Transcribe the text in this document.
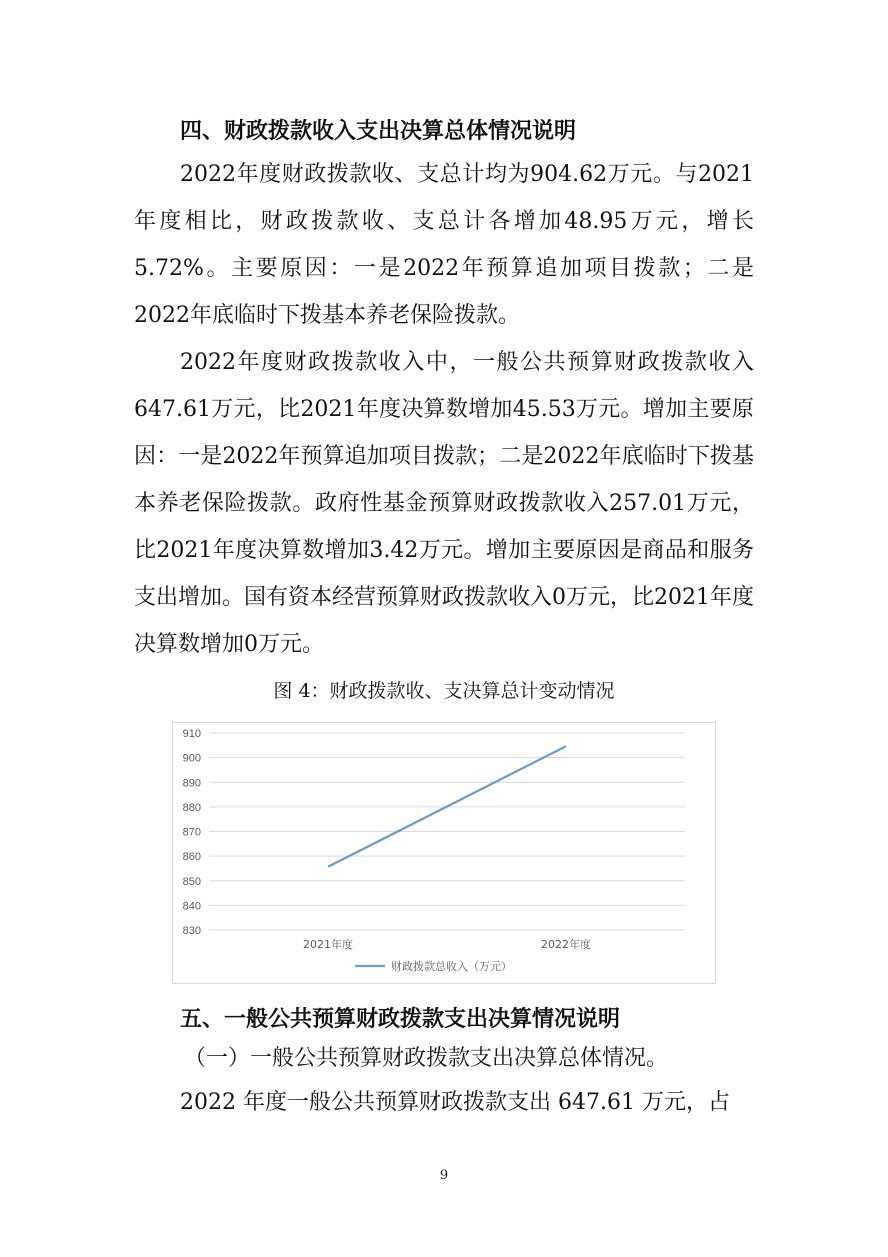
四、财政拨款收入支出决算总体情况说明

2022年度财政拨款收、支总计均为904.62万元。与2021年度相比，财政拨款收、支总计各增加48.95万元，增长5.72%。主要原因：一是2022年预算追加项目拨款；二是2022年底临时下拨基本养老保险拨款。

2022年度财政拨款收入中，一般公共预算财政拨款收入647.61万元，比2021年度决算数增加45.53万元。增加主要原因：一是2022年预算追加项目拨款；二是2022年底临时下拨基本养老保险拨款。政府性基金预算财政拨款收入257.01万元，比2021年度决算数增加3.42万元。增加主要原因是商品和服务支出增加。国有资本经营预算财政拨款收入0万元，比2021年度决算数增加0万元。

图 4：财政拨款收、支决算总计变动情况
910
900
890
880
870
860
850
840
830
2021年度	2022年度
财政拨款总收入（万元）
五、一般公共预算财政拨款支出决算情况说明
（一）一般公共预算财政拨款支出决算总体情况。

2022 年度一般公共预算财政拨款支出 647.61 万元，占

9
